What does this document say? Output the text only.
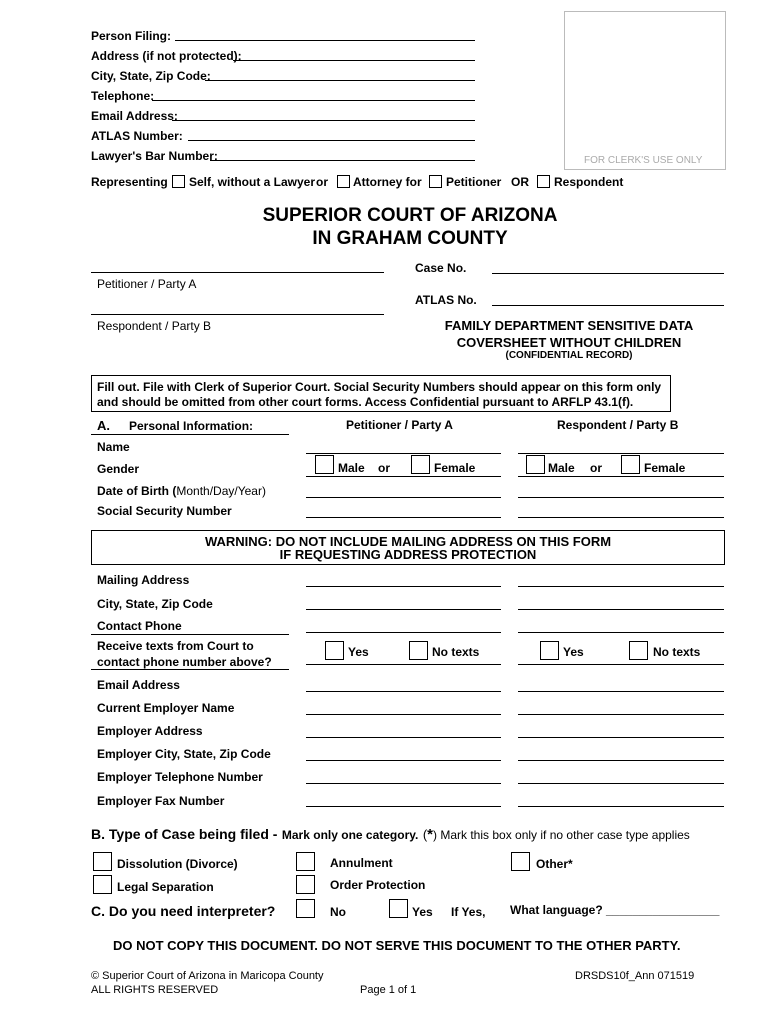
Person Filing:
Address (if not protected):
City, State, Zip Code:
Telephone:
Email Address:
ATLAS Number:
Lawyer's Bar Number:	FOR CLERK'S USE ONLY
Representing Self, without a Lawyer or Attorney for Petitioner OR Respondent
SUPERIOR COURT OF ARIZONA
IN GRAHAM COUNTY
Petitioner / Party A
Respondent / Party B
Case No.
ATLAS No.
FAMILY DEPARTMENT SENSITIVE DATA
COVERSHEET WITHOUT CHILDREN
(CONFIDENTIAL RECORD)
Fill out. File with Clerk of Superior Court. Social Security Numbers should appear on this form only
and should be omitted from other court forms. Access Confidential pursuant to ARFLP 43.1(f).
A. Personal Information:	Petitioner / Party A	Respondent / Party B
Name
Gender	Male or	Female	Male or	Female
Date of Birth (Month/Day/Year)
Social Security Number
WARNING: DO NOT INCLUDE MAILING ADDRESS ON THIS FORM
IF REQUESTING ADDRESS PROTECTION
Mailing Address
City, State, Zip Code
Contact Phone
Receive texts from Court to
contact phone number above?
Yes	No texts	Yes	No texts
Email Address
Current Employer Name
Employer Address
Employer City, State, Zip Code
Employer Telephone Number
Employer Fax Number
B. Type of Case being filed - Mark only one category. (*) Mark this box only if no other case type applies
Dissolution (Divorce)
Legal Separation
Annulment
Order Protection
Other*
C. Do you need interpreter?	No	Yes If Yes, What language? _________________
DO NOT COPY THIS DOCUMENT. DO NOT SERVE THIS DOCUMENT TO THE OTHER PARTY.
© Superior Court of Arizona in Maricopa County
ALL RIGHTS RESERVED
DRSDS10f_Ann 071519
Page 1 of 1
